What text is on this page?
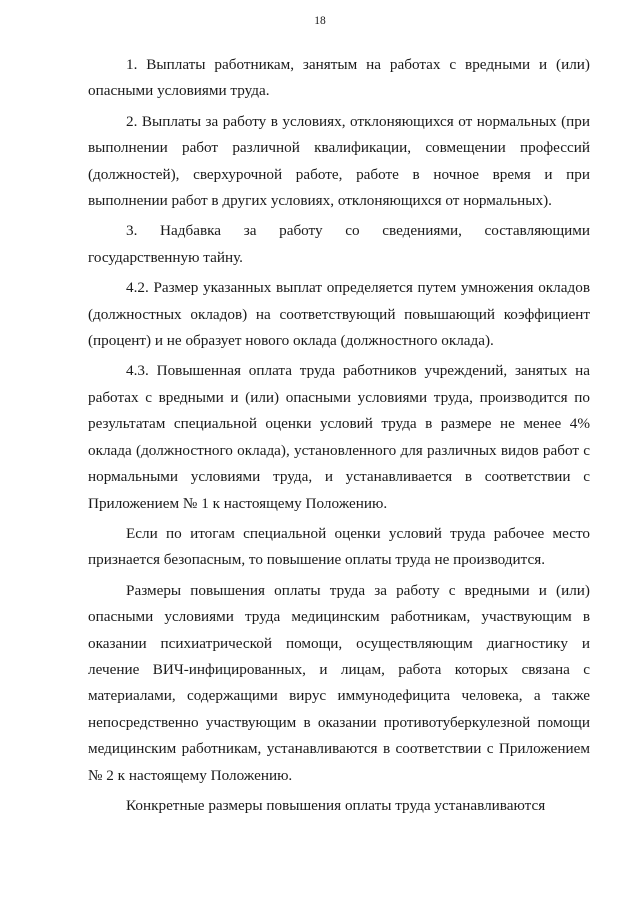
18

1. Выплаты работникам, занятым на работах с вредными и (или) опасными условиями труда.

2. Выплаты за работу в условиях, отклоняющихся от нормальных (при выполнении работ различной квалификации, совмещении профессий (должностей), сверхурочной работе, работе в ночное время и при выполнении работ в других условиях, отклоняющихся от нормальных).

3. Надбавка за работу со сведениями, составляющими государственную тайну.

4.2. Размер указанных выплат определяется путем умножения окладов (должностных окладов) на соответствующий повышающий коэффициент (процент) и не образует нового оклада (должностного оклада).

4.3. Повышенная оплата труда работников учреждений, занятых на работах с вредными и (или) опасными условиями труда, производится по результатам специальной оценки условий труда в размере не менее 4% оклада (должностного оклада), установленного для различных видов работ с нормальными условиями труда, и устанавливается в соответствии с Приложением № 1 к настоящему Положению.

Если по итогам специальной оценки условий труда рабочее место признается безопасным, то повышение оплаты труда не производится.

Размеры повышения оплаты труда за работу с вредными и (или) опасными условиями труда медицинским работникам, участвующим в оказании психиатрической помощи, осуществляющим диагностику и лечение ВИЧ-инфицированных, и лицам, работа которых связана с материалами, содержащими вирус иммунодефицита человека, а также непосредственно участвующим в оказании противотуберкулезной помощи медицинским работникам, устанавливаются в соответствии с Приложением № 2 к настоящему Положению.

Конкретные размеры повышения оплаты труда устанавливаются
